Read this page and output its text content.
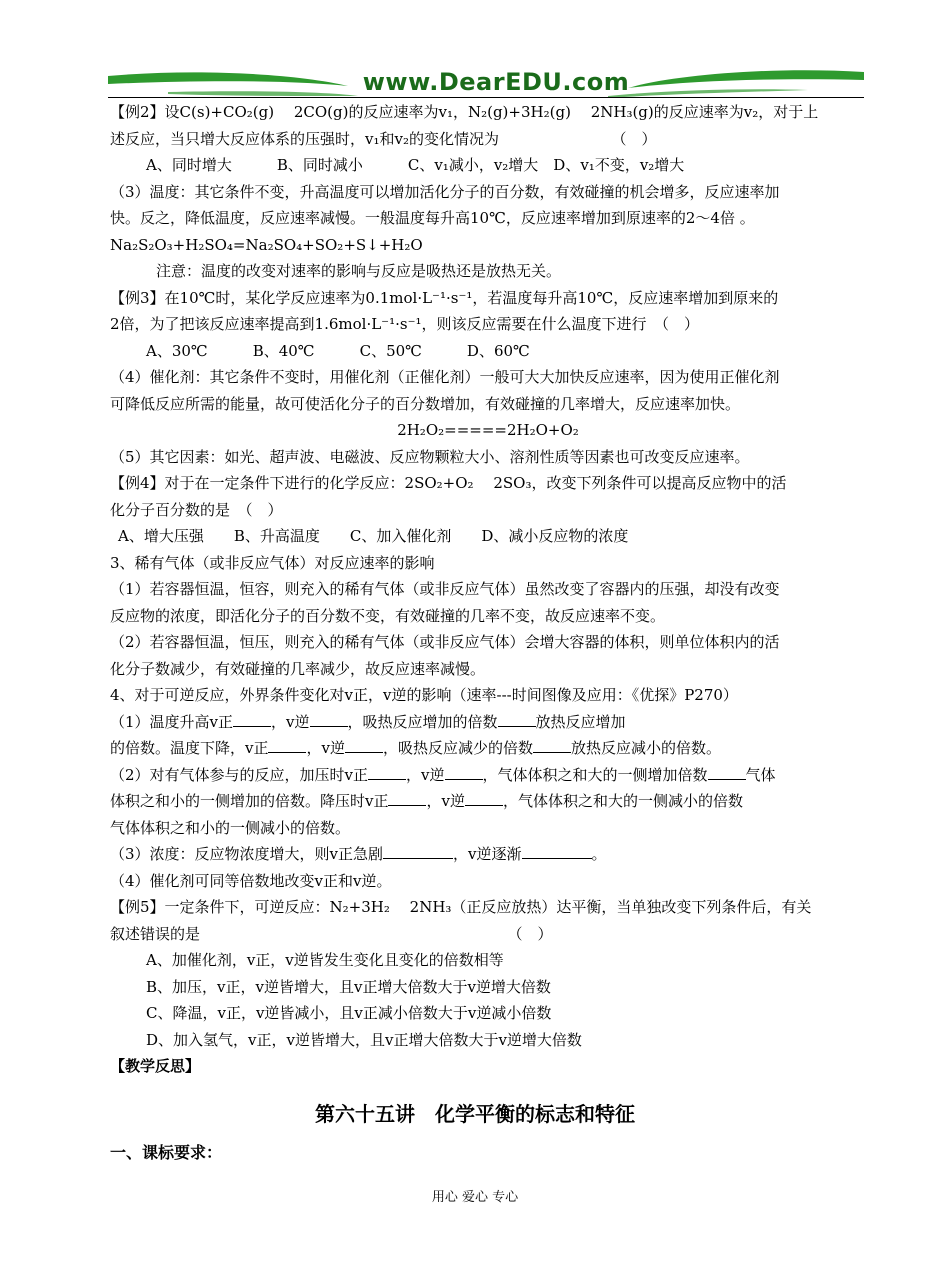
www.DearEDU.com
【例2】设C(s)+CO₂(g)　 2CO(g)的反应速率为v₁，N₂(g)+3H₂(g)　 2NH₃(g)的反应速率为v₂，对于上
述反应，当只增大反应体系的压强时，v₁和v₂的变化情况为　　　　　　　　（　）
A、同时增大　　　B、同时减小　　　C、v₁减小，v₂增大　D、v₁不变，v₂增大
（3）温度：其它条件不变，升高温度可以增加活化分子的百分数，有效碰撞的机会增多，反应速率加
快。反之，降低温度，反应速率减慢。一般温度每升高10℃，反应速率增加到原速率的2～4倍 。
Na₂S₂O₃+H₂SO₄=Na₂SO₄+SO₂+S↓+H₂O
注意：温度的改变对速率的影响与反应是吸热还是放热无关。
【例3】在10℃时，某化学反应速率为0.1mol·L⁻¹·s⁻¹，若温度每升高10℃，反应速率增加到原来的
2倍，为了把该反应速率提高到1.6mol·L⁻¹·s⁻¹，则该反应需要在什么温度下进行　（　）
A、30℃　　　B、40℃　　　C、50℃　　　D、60℃
（4）催化剂：其它条件不变时，用催化剂（正催化剂）一般可大大加快反应速率，因为使用正催化剂
可降低反应所需的能量，故可使活化分子的百分数增加，有效碰撞的几率增大，反应速率加快。
2H₂O₂=====2H₂O+O₂
（5）其它因素：如光、超声波、电磁波、反应物颗粒大小、溶剂性质等因素也可改变反应速率。
【例4】对于在一定条件下进行的化学反应：2SO₂+O₂　 2SO₃，改变下列条件可以提高反应物中的活
化分子百分数的是　（　）
A、增大压强　　B、升高温度　　C、加入催化剂　　D、减小反应物的浓度
3、稀有气体（或非反应气体）对反应速率的影响
（1）若容器恒温，恒容，则充入的稀有气体（或非反应气体）虽然改变了容器内的压强，却没有改变
反应物的浓度，即活化分子的百分数不变，有效碰撞的几率不变，故反应速率不变。
（2）若容器恒温，恒压，则充入的稀有气体（或非反应气体）会增大容器的体积，则单位体积内的活
化分子数减少，有效碰撞的几率减少，故反应速率减慢。
4、对于可逆反应，外界条件变化对v正，v逆的影响（速率---时间图像及应用：《优探》P270）
（1）温度升高v正	，v逆	，吸热反应增加的倍数	放热反应增加
的倍数。温度下降，v正	，v逆	，吸热反应减少的倍数	放热反应减小的倍数。
（2）对有气体参与的反应，加压时v正	，v逆	，气体体积之和大的一侧增加倍数	气体
体积之和小的一侧增加的倍数。降压时v正	，v逆	，气体体积之和大的一侧减小的倍数
气体体积之和小的一侧减小的倍数。
（3）浓度：反应物浓度增大，则v正急剧	，v逆逐渐	。
（4）催化剂可同等倍数地改变v正和v逆。
【例5】一定条件下，可逆反应：N₂+3H₂　 2NH₃（正反应放热）达平衡，当单独改变下列条件后，有关
叙述错误的是　　　　　　　　　　　　　　　　　　　　　（　）
A、加催化剂，v正，v逆皆发生变化且变化的倍数相等
B、加压，v正，v逆皆增大，且v正增大倍数大于v逆增大倍数
C、降温，v正，v逆皆减小，且v正减小倍数大于v逆减小倍数
D、加入氢气，v正，v逆皆增大，且v正增大倍数大于v逆增大倍数
【教学反思】
第六十五讲　化学平衡的标志和特征
一、课标要求：
用心 爱心 专心
